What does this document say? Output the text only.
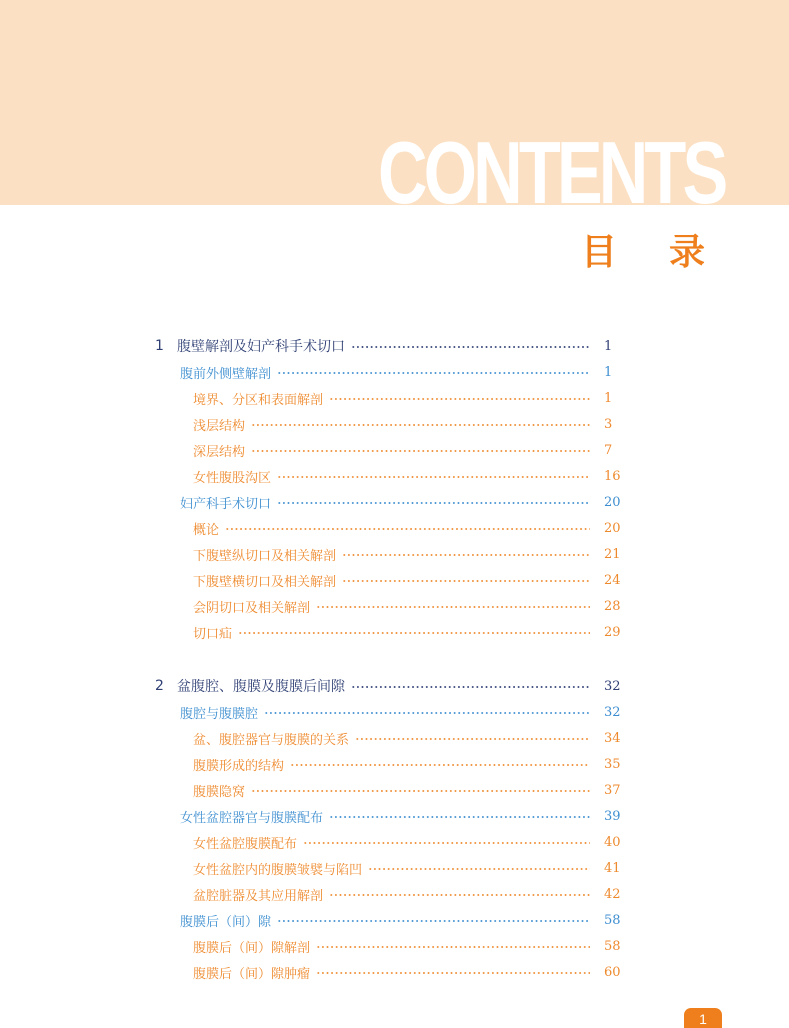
CONTENTS
目 录
1 腹壁解剖及妇产科手术切口	1
腹前外侧壁解剖	1
境界、分区和表面解剖	1
浅层结构	3
深层结构	7
女性腹股沟区	16
妇产科手术切口	20
概论	20
下腹壁纵切口及相关解剖	21
下腹壁横切口及相关解剖	24
会阴切口及相关解剖	28
切口疝	29
2 盆腹腔、腹膜及腹膜后间隙	32
腹腔与腹膜腔	32
盆、腹腔器官与腹膜的关系	34
腹膜形成的结构	35
腹膜隐窝	37
女性盆腔器官与腹膜配布	39
女性盆腔腹膜配布	40
女性盆腔内的腹膜皱襞与陷凹	41
盆腔脏器及其应用解剖	42
腹膜后（间）隙	58
腹膜后（间）隙解剖	58
腹膜后（间）隙肿瘤	60
1
